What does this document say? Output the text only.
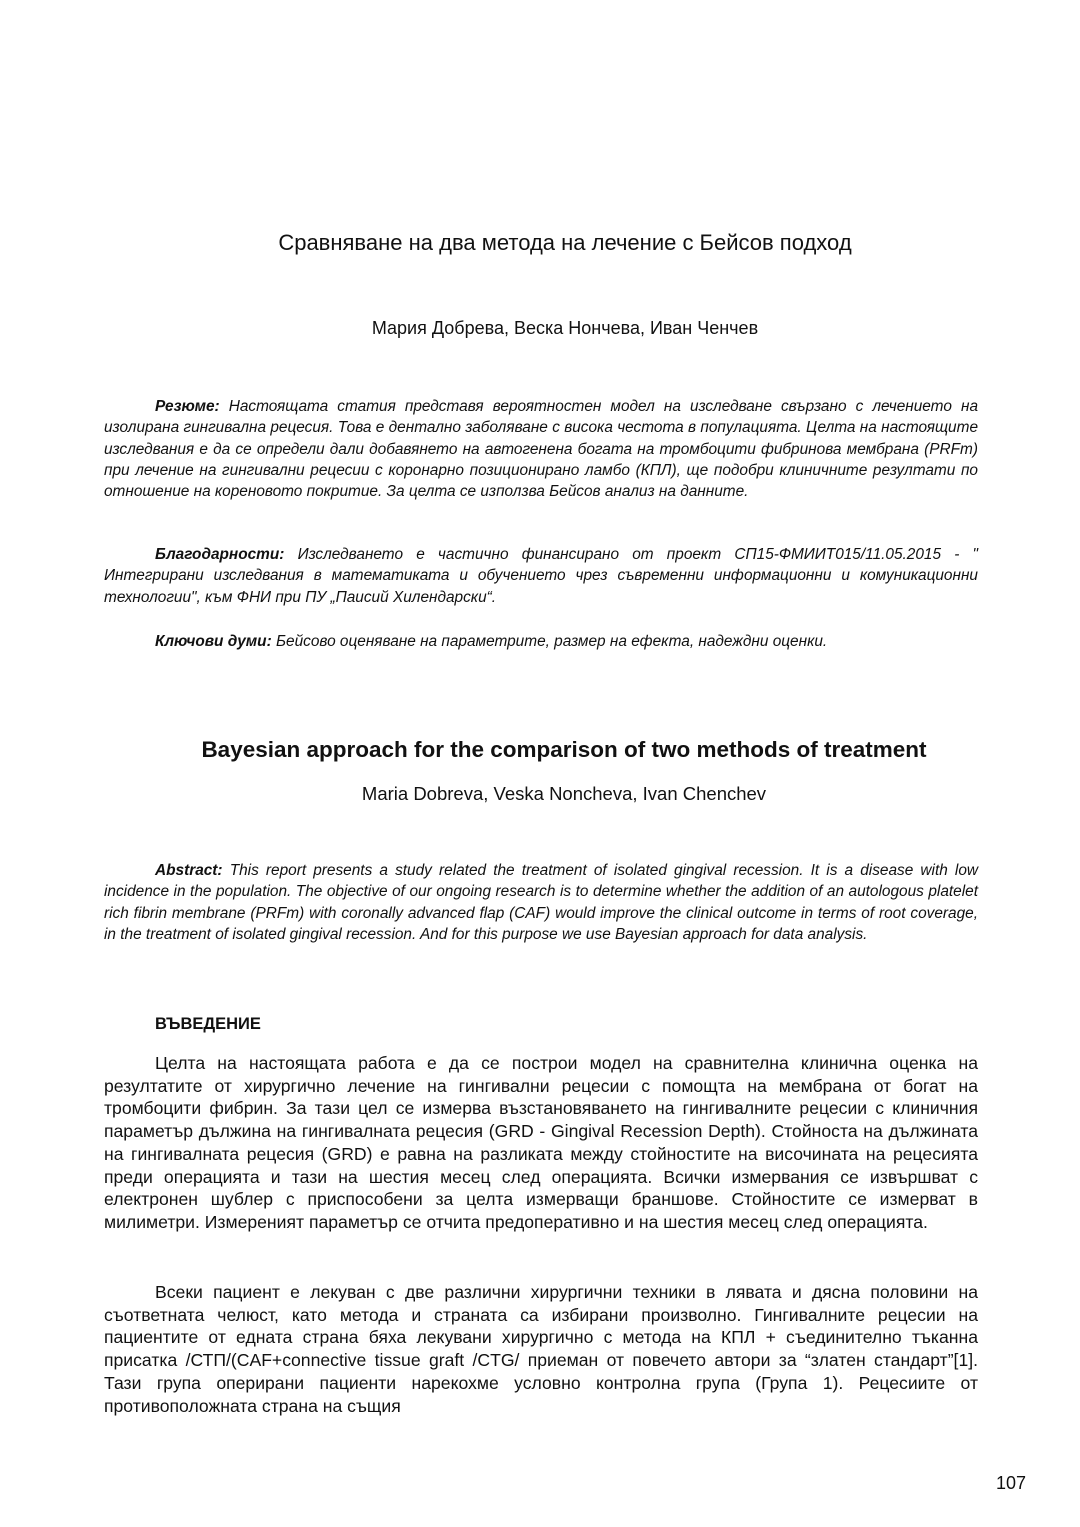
Сравняване на два метода на лечение с Бейсов подход
Мария Добрева, Веска Нончева, Иван Ченчев
Резюме: Настоящата статия представя вероятностен модел на изследване свързано с лечението на изолирана гингивална рецесия. Това е дентално заболяване с висока честота в популацията. Целта на настоящите изследвания е да се определи дали добавянето на автогенена богата на тромбоцити фибринова мембрана (PRFm) при лечение на гингивални рецесии с коронарно позиционирано ламбо (КПЛ), ще подобри клиничните резултати по отношение на кореновото покритие. За целта се използва Бейсов анализ на данните.
Благодарности: Изследването е частично финансирано от проект СП15-ФМИИТ015/11.05.2015 - " Интегрирани изследвания в математиката и обучението чрез съвременни информационни и комуникационни технологии", към ФНИ при ПУ „Паисий Хилендарски“.
Ключови думи: Бейсово оценяване на параметрите, размер на ефекта, надеждни оценки.
Bayesian approach for the comparison of two methods of treatment
Maria Dobreva, Veska Noncheva, Ivan Chenchev
Abstract: This report presents a study related the treatment of isolated gingival recession. It is a disease with low incidence in the population. The objective of our ongoing research is to determine whether the addition of an autologous platelet rich fibrin membrane (PRFm) with coronally advanced flap (CAF) would improve the clinical outcome in terms of root coverage, in the treatment of isolated gingival recession. And for this purpose we use Bayesian approach for data analysis.
ВЪВЕДЕНИЕ
Целта на настоящата работа е да се построи модел на сравнителна клинична оценка на резултатите от хирургично лечение на гингивални рецесии с помощта на мембрана от богат на тромбоцити фибрин. За тази цел се измерва възстановяването на гингивалните рецесии с клиничния параметър дължина на гингивалната рецесия (GRD - Gingival Recession Depth). Стойноста на дължината на гингивалната рецесия (GRD) е равна на разликата между стойностите на височината на рецесията преди операцията и тази на шестия месец след операцията. Всички измервания се извършват с електронен шублер с приспособени за целта измерващи браншове. Стойностите се измерват в милиметри. Измереният параметър се отчита предоперативно и на шестия месец след операцията.
Всеки пациент е лекуван с две различни хирургични техники в лявата и дясна половини на съответната челюст, като метода и страната са избирани произволно. Гингивалните рецесии на пациентите от едната страна бяха лекувани хирургично с метода на КПЛ + съединително тъканна присатка /СТП/(CAF+connective tissue graft /CTG/ приеман от повечето автори за “златен стандарт”[1]. Тази група оперирани пациенти нарекохме условно контролна група (Група 1). Рецесиите от противоположната страна на същия
107
